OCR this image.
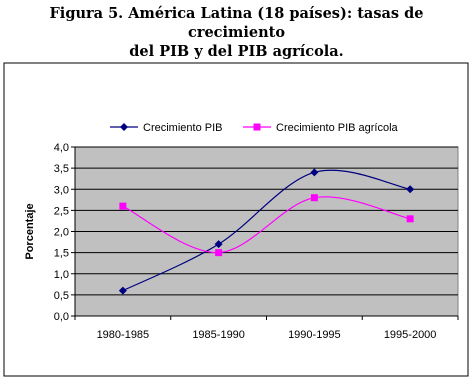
Figura 5. América Latina (18 países): tasas de crecimiento
del PIB y del PIB agrícola.
0,0
0,5
1,0
1,5
2,0
2,5
3,0
3,5
4,0
1980-1985	1985-1990	1990-1995	1995-2000
Porcentaje
Crecimiento PIB	Crecimiento PIB agrícola
